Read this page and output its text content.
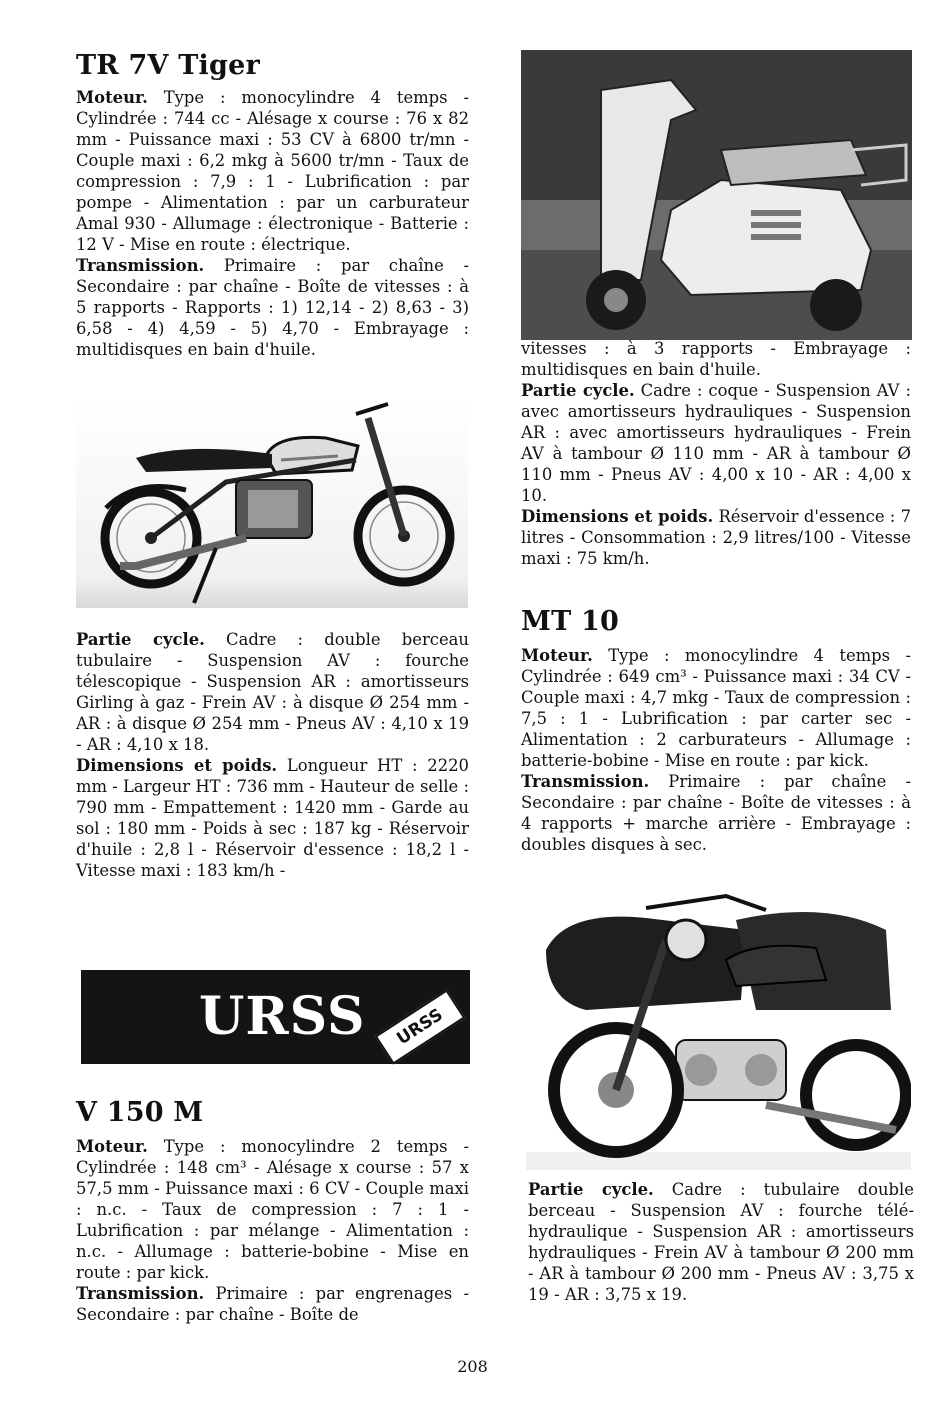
TR 7V Tiger

Moteur. Type : monocylindre 4 temps - Cylindrée : 744 cc - Alésage x course : 76 x 82 mm - Puissance maxi : 53 CV à 6800 tr/mn - Couple maxi : 6,2 mkg à 5600 tr/mn - Taux de compression : 7,9 : 1 - Lubrification : par pompe - Alimentation : par un carburateur Amal 930 - Allumage : électronique - Batterie : 12 V - Mise en route : électrique.

Transmission. Primaire : par chaîne - Secondaire : par chaîne - Boîte de vitesses : à 5 rapports - Rapports : 1) 12,14 - 2) 8,63 - 3) 6,58 - 4) 4,59 - 5) 4,70 - Embrayage : multidisques en bain d'huile.

Partie cycle. Cadre : double berceau tubulaire - Suspension AV : fourche télescopique - Suspension AR : amortisseurs Girling à gaz - Frein AV : à disque Ø 254 mm - AR : à disque Ø 254 mm - Pneus AV : 4,10 x 19 - AR : 4,10 x 18.

Dimensions et poids. Longueur HT : 2220 mm - Largeur HT : 736 mm - Hauteur de selle : 790 mm - Empattement : 1420 mm - Garde au sol : 180 mm - Poids à sec : 187 kg - Réservoir d'huile : 2,8 l - Réservoir d'essence : 18,2 l - Vitesse maxi : 183 km/h -

URSS	URSS
V 150 M

Moteur. Type : monocylindre 2 temps - Cylindrée : 148 cm³ - Alésage x course : 57 x 57,5 mm - Puissance maxi : 6 CV - Couple maxi : n.c. - Taux de compression : 7 : 1 - Lubrification : par mélange - Alimentation : n.c. - Allumage : batterie-bobine - Mise en route : par kick.

Transmission. Primaire : par engrenages - Secondaire : par chaîne - Boîte de

vitesses : à 3 rapports - Embrayage : multidisques en bain d'huile.

Partie cycle. Cadre : coque - Suspension AV : avec amortisseurs hydrauliques - Suspension AR : avec amortisseurs hydrauliques - Frein AV à tambour Ø 110 mm - AR à tambour Ø 110 mm - Pneus AV : 4,00 x 10 - AR : 4,00 x 10.

Dimensions et poids. Réservoir d'essence : 7 litres - Consommation : 2,9 litres/100 - Vitesse maxi : 75 km/h.

MT 10

Moteur. Type : monocylindre 4 temps - Cylindrée : 649 cm³ - Puissance maxi : 34 CV - Couple maxi : 4,7 mkg - Taux de compression : 7,5 : 1 - Lubrification : par carter sec - Alimentation : 2 carburateurs - Allumage : batterie-bobine - Mise en route : par kick.

Transmission. Primaire : par chaîne - Secondaire : par chaîne - Boîte de vitesses : à 4 rapports + marche arrière - Embrayage : doubles disques à sec.

Partie cycle. Cadre : tubulaire double berceau - Suspension AV : fourche télé-hydraulique - Suspension AR : amortisseurs hydrauliques - Frein AV à tambour Ø 200 mm - AR à tambour Ø 200 mm - Pneus AV : 3,75 x 19 - AR : 3,75 x 19.

208
